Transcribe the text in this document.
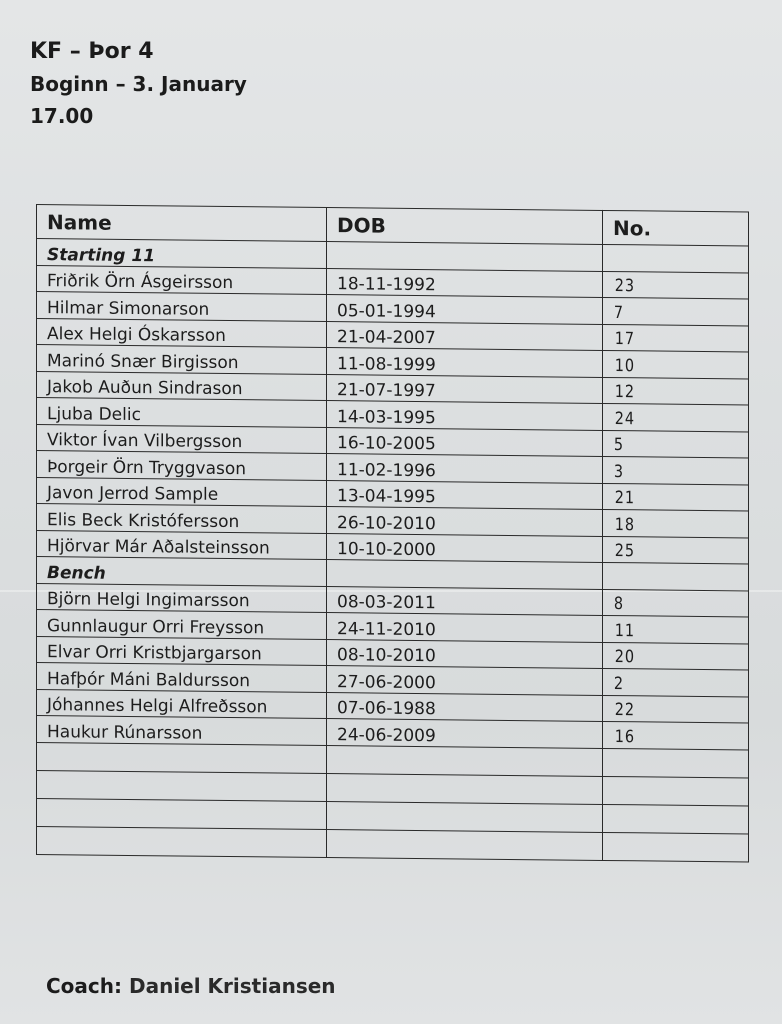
KF – Þor 4
Boginn – 3. January
17.00
Name	DOB	No.
Starting 11		
Friðrik Örn Ásgeirsson	18-11-1992	23
Hilmar Simonarson	05-01-1994	7
Alex Helgi Óskarsson	21-04-2007	17
Marinó Snær Birgisson	11-08-1999	10
Jakob Auðun Sindrason	21-07-1997	12
Ljuba Delic	14-03-1995	24
Viktor Ívan Vilbergsson	16-10-2005	5
Þorgeir Örn Tryggvason	11-02-1996	3
Javon Jerrod Sample	13-04-1995	21
Elis Beck Kristófersson	26-10-2010	18
Hjörvar Már Aðalsteinsson	10-10-2000	25
Bench		
Björn Helgi Ingimarsson	08-03-2011	8
Gunnlaugur Orri Freysson	24-11-2010	11
Elvar Orri Kristbjargarson	08-10-2010	20
Hafþór Máni Baldursson	27-06-2000	2
Jóhannes Helgi Alfreðsson	07-06-1988	22
Haukur Rúnarsson	24-06-2009	16

Coach: Daniel Kristiansen
